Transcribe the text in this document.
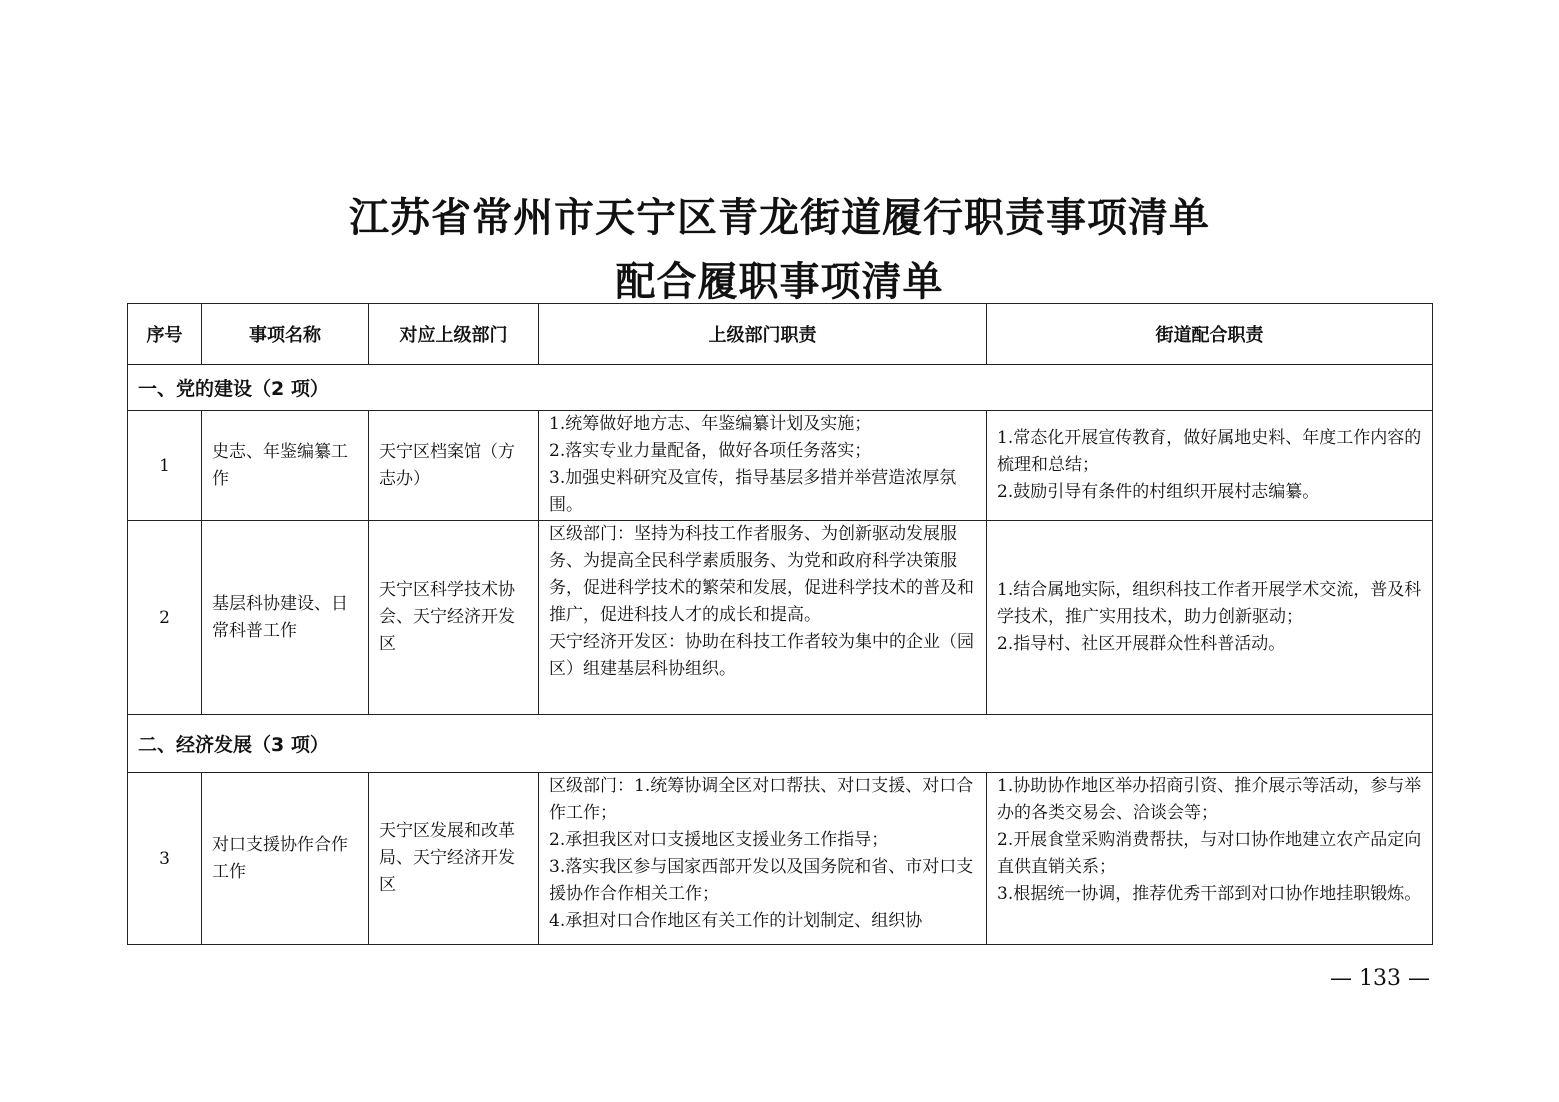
江苏省常州市天宁区青龙街道履行职责事项清单
配合履职事项清单
序号	事项名称	对应上级部门	上级部门职责	街道配合职责
一、党的建设（2 项）				
1	史志、年鉴编纂工作	天宁区档案馆（方志办）	1.统筹做好地方志、年鉴编纂计划及实施；
2.落实专业力量配备，做好各项任务落实；
3.加强史料研究及宣传，指导基层多措并举营造浓厚氛围。	1.常态化开展宣传教育，做好属地史料、年度工作内容的梳理和总结；
2.鼓励引导有条件的村组织开展村志编纂。

2	基层科协建设、日常科普工作	天宁区科学技术协会、天宁经济开发区	区级部门：坚持为科技工作者服务、为创新驱动发展服务、为提高全民科学素质服务、为党和政府科学决策服务，促进科学技术的繁荣和发展，促进科学技术的普及和推广，促进科技人才的成长和提高。
天宁经济开发区：协助在科技工作者较为集中的企业（园区）组建基层科协组织。	1.结合属地实际，组织科技工作者开展学术交流，普及科学技术，推广实用技术，助力创新驱动；
2.指导村、社区开展群众性科普活动。

二、经济发展（3 项）				
3	对口支援协作合作工作	天宁区发展和改革局、天宁经济开发区	区级部门：1.统筹协调全区对口帮扶、对口支援、对口合作工作；
2.承担我区对口支援地区支援业务工作指导；
3.落实我区参与国家西部开发以及国务院和省、市对口支援协作合作相关工作；
4.承担对口合作地区有关工作的计划制定、组织协	1.协助协作地区举办招商引资、推介展示等活动，参与举办的各类交易会、洽谈会等；
2.开展食堂采购消费帮扶，与对口协作地建立农产品定向直供直销关系；
3.根据统一协调，推荐优秀干部到对口协作地挂职锻炼。
— 133 —
